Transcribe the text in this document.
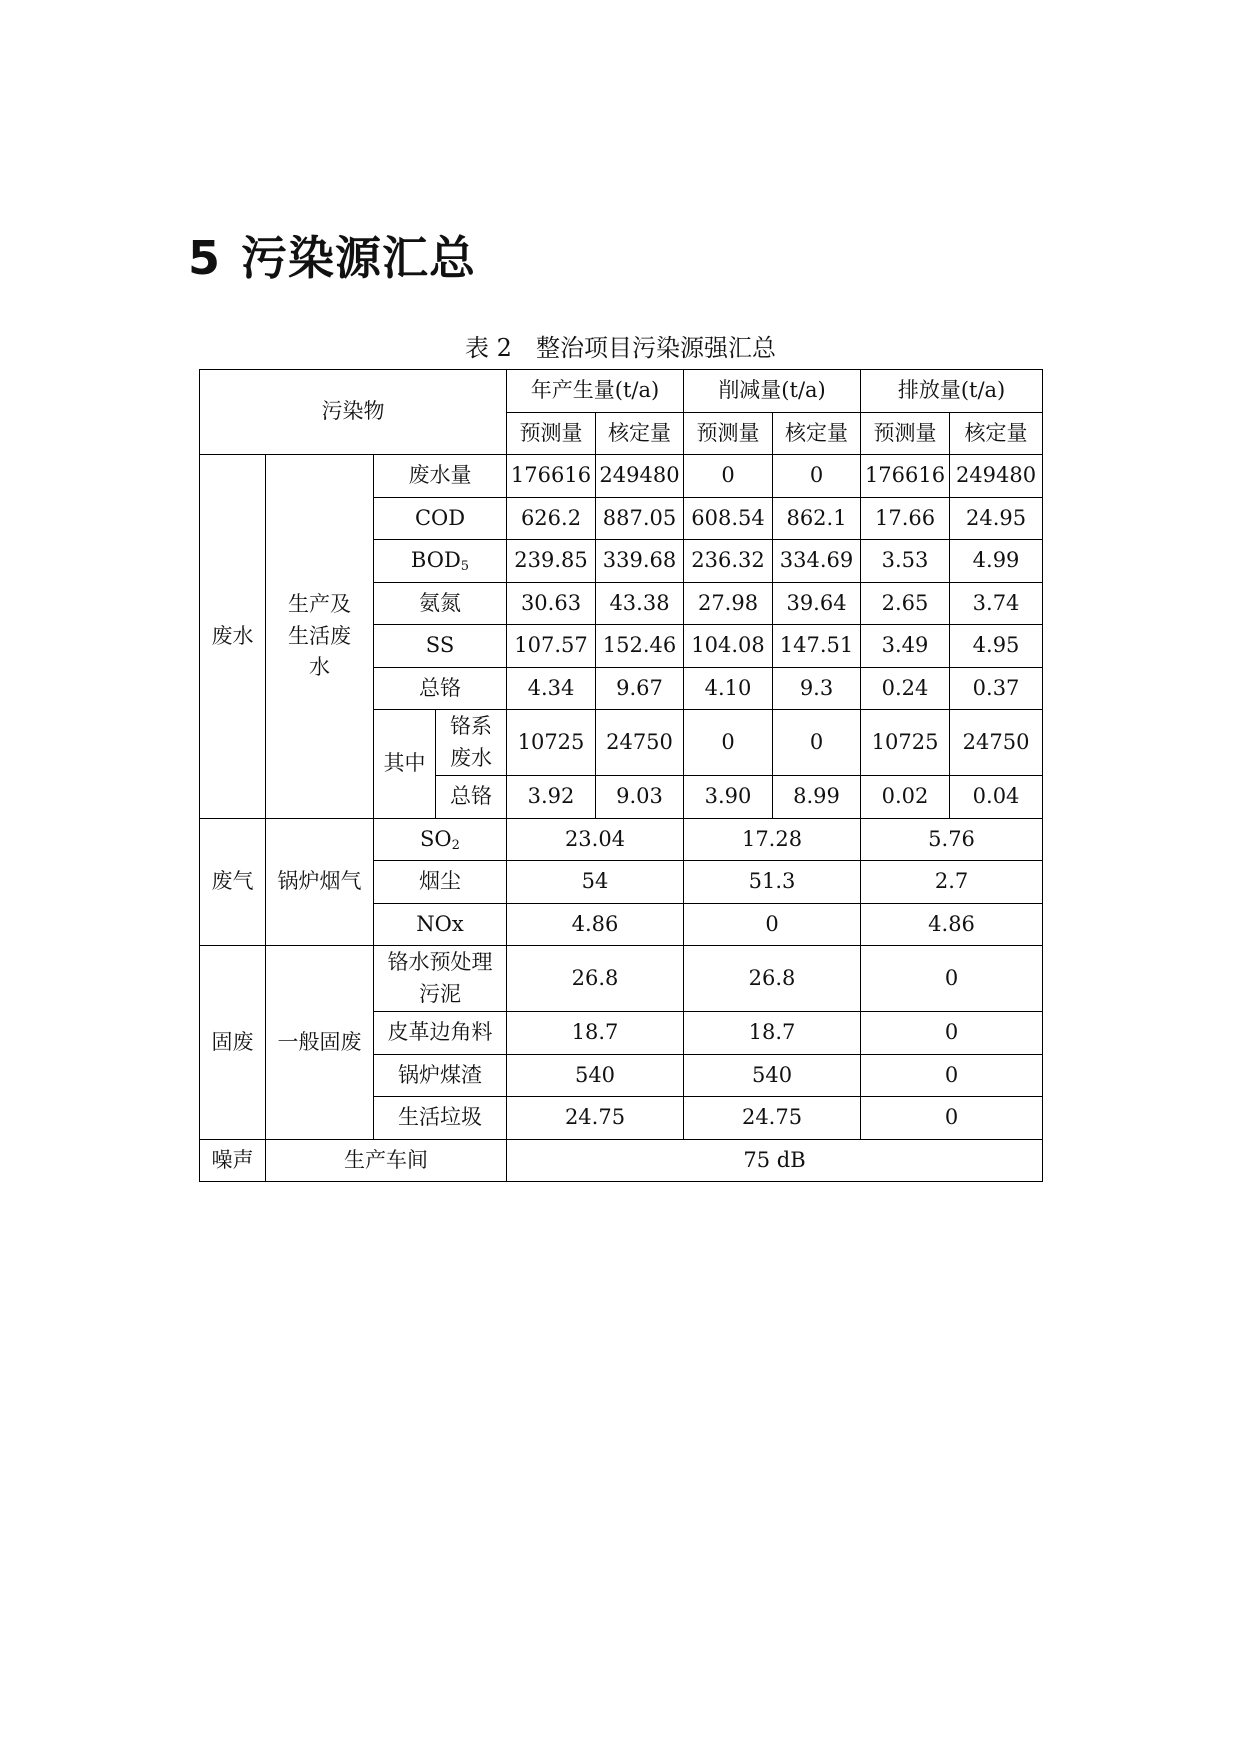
5 污染源汇总
表 2　整治项目污染源强汇总
污染物				年产生量(t/a)		削减量(t/a)		排放量(t/a)	
				预测量	核定量	预测量	核定量	预测量	核定量
废水	生产及生活废水	废水量		176616	249480	0	0	176616	249480
		COD		626.2	887.05	608.54	862.1	17.66	24.95
		$BOD_5$		239.85	339.68	236.32	334.69	3.53	4.99
		氨氮		30.63	43.38	27.98	39.64	2.65	3.74
		SS		107.57	152.46	104.08	147.51	3.49	4.95
		总铬		4.34	9.67	4.10	9.3	0.24	0.37
		其中	铬系废水	10725	24750	0	0	10725	24750
			总铬	3.92	9.03	3.90	8.99	0.02	0.04
废气	锅炉烟气	$SO_2$		23.04		17.28		5.76	
		烟尘		54		51.3		2.7	
		NOx		4.86		0		4.86	
固废	一般固废	铬水预处理污泥		26.8		26.8		0	
		皮革边角料		18.7		18.7		0	
		锅炉煤渣		540		540		0	
		生活垃圾		24.75		24.75		0	
噪声	生产车间			75 dB					
